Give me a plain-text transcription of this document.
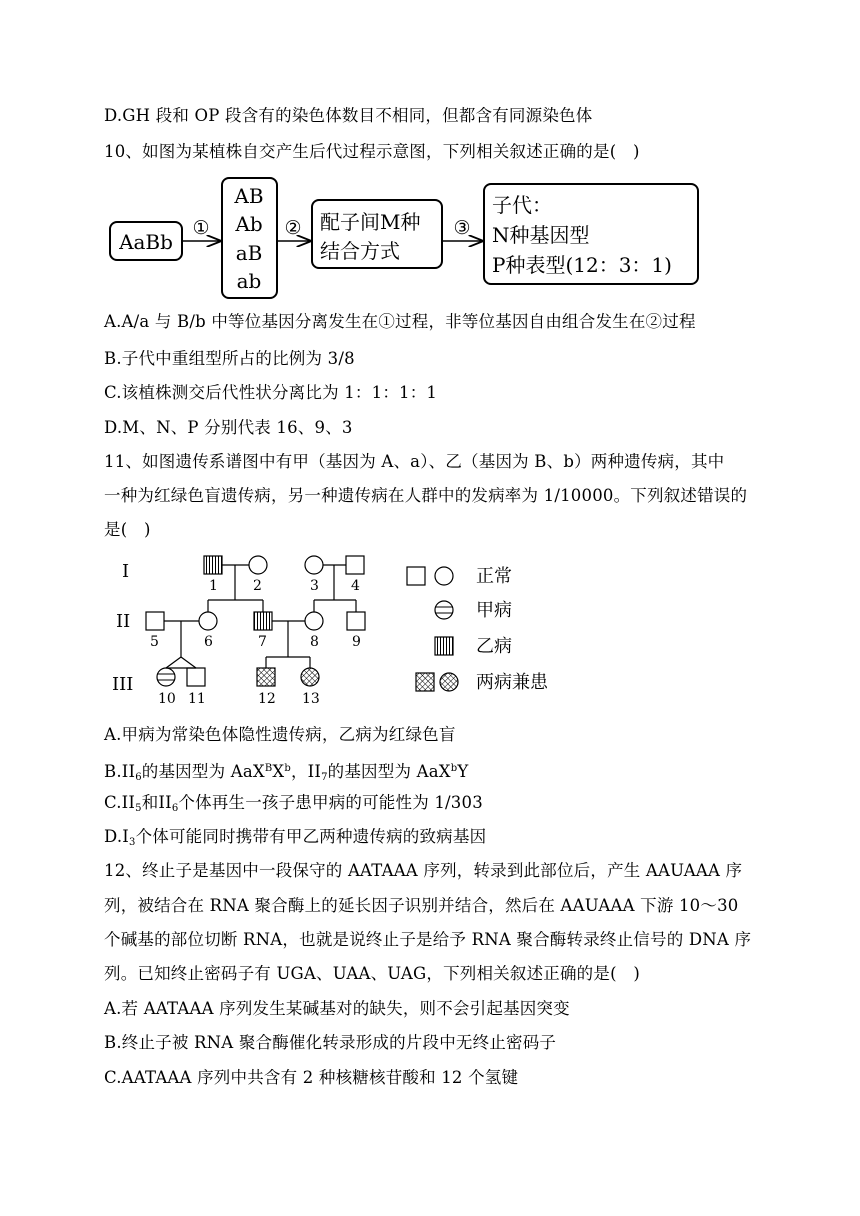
D.GH 段和 OP 段含有的染色体数目不相同，但都含有同源染色体
10、如图为某植株自交产生后代过程示意图，下列相关叙述正确的是(　)
AaBb
①
AB
Ab
aB
ab
② 配子间M种
结合方式
③
子代：
N种基因型
P种表型(12：3：1)
A.A/a 与 B/b 中等位基因分离发生在①过程，非等位基因自由组合发生在②过程
B.子代中重组型所占的比例为 3/8
C.该植株测交后代性状分离比为 1：1：1：1
D.M、N、P 分别代表 16、9、3
11、如图遗传系谱图中有甲（基因为 A、a）、乙（基因为 B、b）两种遗传病，其中
一种为红绿色盲遗传病，另一种遗传病在人群中的发病率为 1/10000。下列叙述错误的
是(　)
I
II
III
1	2	3 4
5	6	7	8 9
10 11	12 13
正常
甲病
乙病
两病兼患
A.甲病为常染色体隐性遗传病，乙病为红绿色盲
$B.II_6$的基因型为 $AaX^BX^b$，$II_7$的基因型为 AaX$^b$Y
$C.II_5$和$II_6$个体再生一孩子患甲病的可能性为 1/303
$D.I_3$个体可能同时携带有甲乙两种遗传病的致病基因
12、终止子是基因中一段保守的 AATAAA 序列，转录到此部位后，产生 AAUAAA 序
列，被结合在 RNA 聚合酶上的延长因子识别并结合，然后在 AAUAAA 下游 10～30
个碱基的部位切断 RNA，也就是说终止子是给予 RNA 聚合酶转录终止信号的 DNA 序
列。已知终止密码子有 UGA、UAA、UAG，下列相关叙述正确的是(　)
A.若 AATAAA 序列发生某碱基对的缺失，则不会引起基因突变
B.终止子被 RNA 聚合酶催化转录形成的片段中无终止密码子
C.AATAAA 序列中共含有 2 种核糖核苷酸和 12 个氢键
